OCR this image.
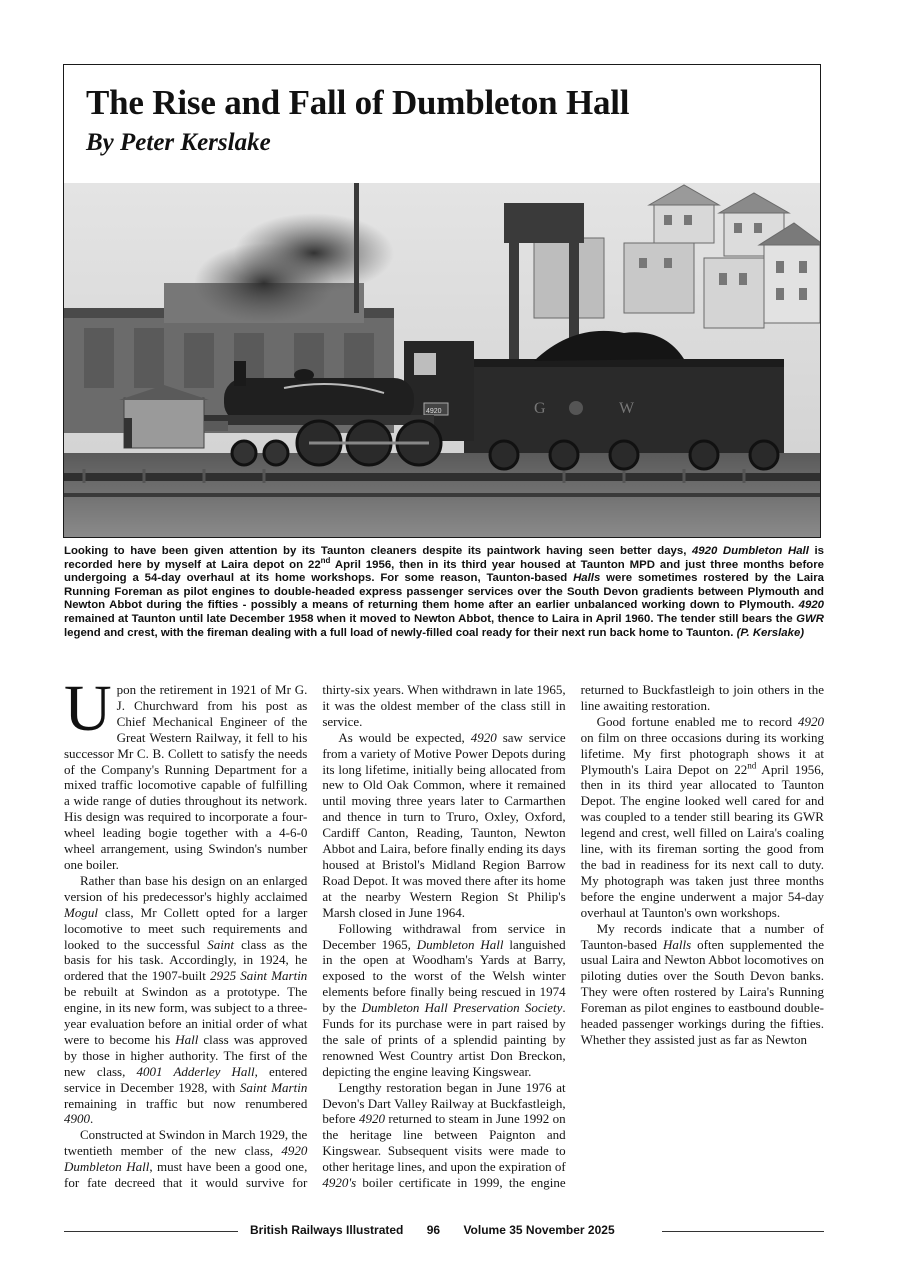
The Rise and Fall of Dumbleton Hall
By Peter Kerslake
G	W
4920

Looking to have been given attention by its Taunton cleaners despite its paintwork having seen better days, 4920 Dumbleton Hall is recorded here by myself at Laira depot on 22nd April 1956, then in its third year housed at Taunton MPD and just three months before undergoing a 54-day overhaul at its home workshops. For some reason, Taunton-based Halls were sometimes rostered by the Laira Running Foreman as pilot engines to double-headed express passenger services over the South Devon gradients between Plymouth and Newton Abbot during the fifties - possibly a means of returning them home after an earlier unbalanced working down to Plymouth. 4920 remained at Taunton until late December 1958 when it moved to Newton Abbot, thence to Laira in April 1960. The tender still bears the GWR legend and crest, with the fireman dealing with a full load of newly-filled coal ready for their next run back home to Taunton. (P. Kerslake)

Upon the retirement in 1921 of Mr G. J. Churchward from his post as Chief Mechanical Engineer of the Great Western Railway, it fell to his successor Mr C. B. Collett to satisfy the needs of the Company's Running Department for a mixed traffic locomotive capable of fulfilling a wide range of duties throughout its network. His design was required to incorporate a four-wheel leading bogie together with a 4-6-0 wheel arrangement, using Swindon's number one boiler.

Rather than base his design on an enlarged version of his predecessor's highly acclaimed Mogul class, Mr Collett opted for a larger locomotive to meet such requirements and looked to the successful Saint class as the basis for his task. Accordingly, in 1924, he ordered that the 1907-built 2925 Saint Martin be rebuilt at Swindon as a prototype. The engine, in its new form, was subject to a three-year evaluation before an initial order of what were to become his Hall class was approved by those in higher authority. The first of the new class, 4001 Adderley Hall, entered service in December 1928, with Saint Martin remaining in traffic but now renumbered 4900.

Constructed at Swindon in March 1929, the twentieth member of the new class, 4920 Dumbleton Hall, must have been a good one, for fate decreed that it would survive for thirty-six years. When withdrawn in late 1965, it was the oldest member of the class still in service.

As would be expected, 4920 saw service from a variety of Motive Power Depots during its long lifetime, initially being allocated from new to Old Oak Common, where it remained until moving three years later to Carmarthen and thence in turn to Truro, Oxley, Oxford, Cardiff Canton, Reading, Taunton, Newton Abbot and Laira, before finally ending its days housed at Bristol's Midland Region Barrow Road Depot. It was moved there after its home at the nearby Western Region St Philip's Marsh closed in June 1964.

Following withdrawal from service in December 1965, Dumbleton Hall languished in the open at Woodham's Yards at Barry, exposed to the worst of the Welsh winter elements before finally being rescued in 1974 by the Dumbleton Hall Preservation Society. Funds for its purchase were in part raised by the sale of prints of a splendid painting by renowned West Country artist Don Breckon, depicting the engine leaving Kingswear.

Lengthy restoration began in June 1976 at Devon's Dart Valley Railway at Buckfastleigh, before 4920 returned to steam in June 1992 on the heritage line between Paignton and Kingswear. Subsequent visits were made to other heritage lines, and upon the expiration of 4920's boiler certificate in 1999, the engine returned to Buckfastleigh to join others in the line awaiting restoration.

Good fortune enabled me to record 4920 on film on three occasions during its working lifetime. My first photograph shows it at Plymouth's Laira Depot on 22nd April 1956, then in its third year allocated to Taunton Depot. The engine looked well cared for and was coupled to a tender still bearing its GWR legend and crest, well filled on Laira's coaling line, with its fireman sorting the good from the bad in readiness for its next call to duty. My photograph was taken just three months before the engine underwent a major 54-day overhaul at Taunton's own workshops.

My records indicate that a number of Taunton-based Halls often supplemented the usual Laira and Newton Abbot locomotives on piloting duties over the South Devon banks. They were often rostered by Laira's Running Foreman as pilot engines to eastbound double-headed passenger workings during the fifties. Whether they assisted just as far as Newton

British Railways Illustrated 96 Volume 35 November 2025
